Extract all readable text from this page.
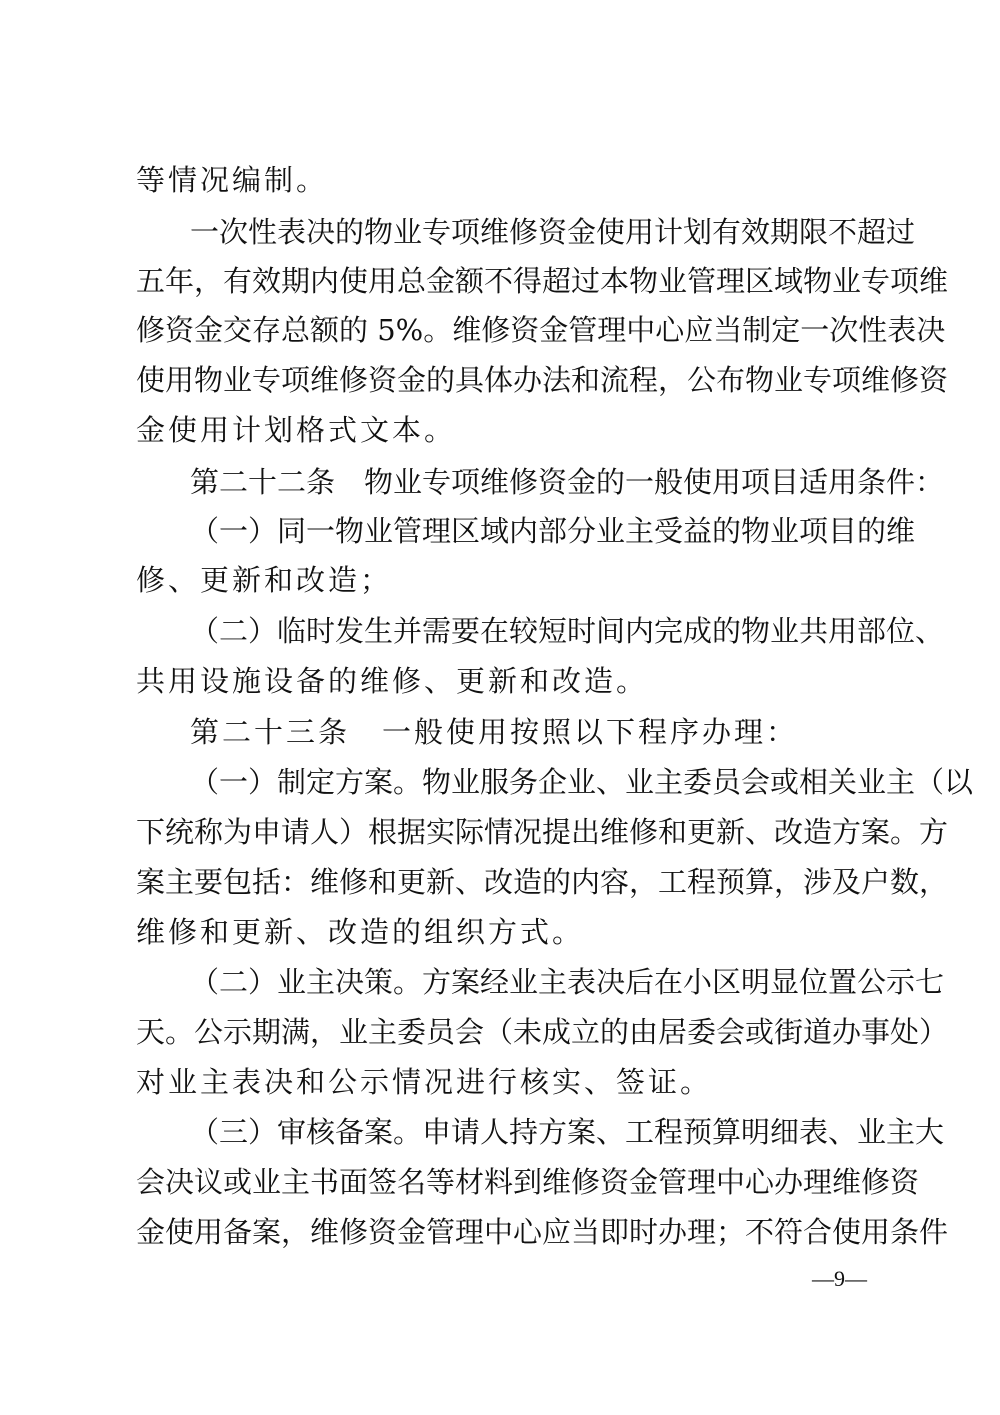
等情况编制。
一次性表决的物业专项维修资金使用计划有效期限不超过
五年，有效期内使用总金额不得超过本物业管理区域物业专项维
修资金交存总额的 5%。维修资金管理中心应当制定一次性表决
使用物业专项维修资金的具体办法和流程，公布物业专项维修资
金使用计划格式文本。
第二十二条　物业专项维修资金的一般使用项目适用条件：
（一）同一物业管理区域内部分业主受益的物业项目的维
修、更新和改造；
（二）临时发生并需要在较短时间内完成的物业共用部位、
共用设施设备的维修、更新和改造。
第二十三条　一般使用按照以下程序办理：
（一）制定方案。物业服务企业、业主委员会或相关业主（以
下统称为申请人）根据实际情况提出维修和更新、改造方案。方
案主要包括：维修和更新、改造的内容，工程预算，涉及户数，
维修和更新、改造的组织方式。
（二）业主决策。方案经业主表决后在小区明显位置公示七
天。公示期满，业主委员会（未成立的由居委会或街道办事处）
对业主表决和公示情况进行核实、签证。
（三）审核备案。申请人持方案、工程预算明细表、业主大
会决议或业主书面签名等材料到维修资金管理中心办理维修资
金使用备案，维修资金管理中心应当即时办理；不符合使用条件
—9—
